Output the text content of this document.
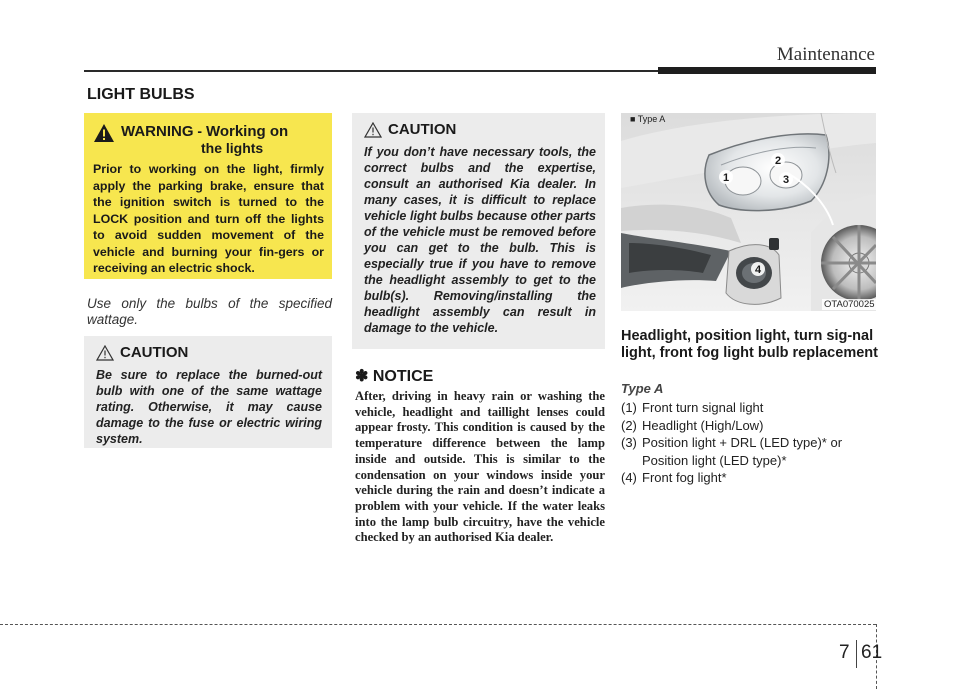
Maintenance
LIGHT BULBS
WARNING - Working on
the lights
Prior to working on the light, firmly apply the parking brake, ensure that the ignition switch is turned to the LOCK position and turn off the lights to avoid sudden movement of the vehicle and burning your fin-gers or receiving an electric shock.
Use only the bulbs of the specified wattage.
CAUTION
Be sure to replace the burned-out bulb with one of the same wattage rating. Otherwise, it may cause damage to the fuse or electric wiring system.
CAUTION
If you don’t have necessary tools, the correct bulbs and the expertise, consult an authorised Kia dealer. In many cases, it is difficult to replace vehicle light bulbs because other parts of the vehicle must be removed before you can get to the bulb. This is especially true if you have to remove the headlight assembly to get to the bulb(s). Removing/installing the headlight assembly can result in damage to the vehicle.
✽ NOTICE
After, driving in heavy rain or washing the vehicle, headlight and taillight lenses could appear frosty. This condition is caused by the temperature difference between the lamp inside and outside. This is similar to the condensation on your windows inside your vehicle during the rain and doesn’t indicate a problem with your vehicle. If the water leaks into the lamp bulb circuitry, have the vehicle checked by an authorised Kia dealer.
1
2
3
4
■ Type A
OTA070025
Headlight, position light, turn sig-nal light, front fog light bulb replacement
Type A
(1) Front turn signal light
(2) Headlight (High/Low)
(3) Position light + DRL (LED type)* or Position light (LED type)*
(4) Front fog light*
7 61
